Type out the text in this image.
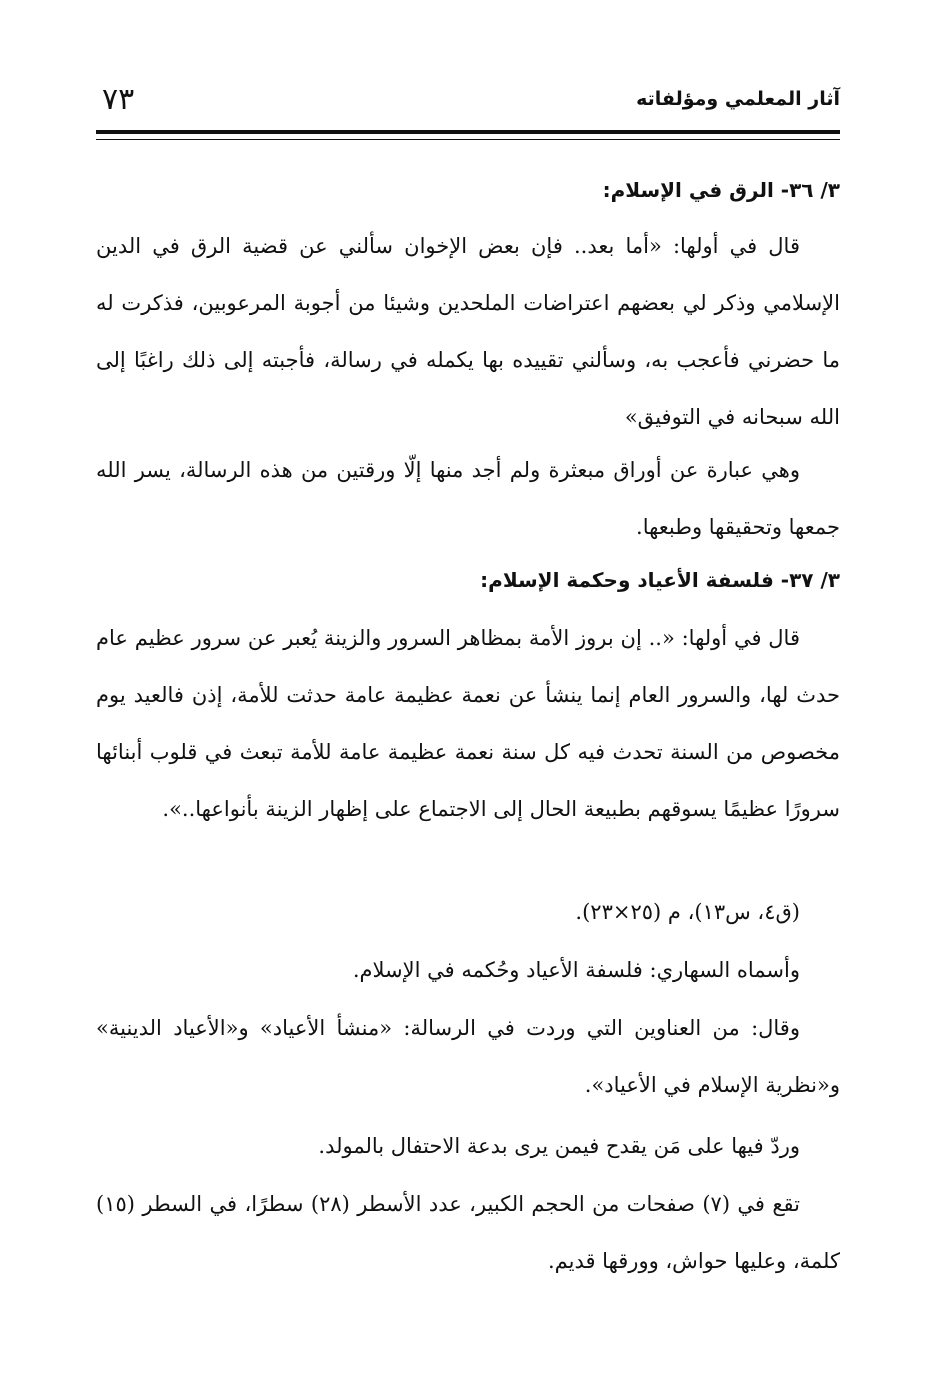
آثار المعلمي ومؤلفاته
٧٣
٣/ ٣٦- الرق في الإسلام:
قال في أولها: «أما بعد.. فإن بعض الإخوان سألني عن قضية الرق في الدين الإسلامي وذكر لي بعضهم اعتراضات الملحدين وشيئا من أجوبة المرعوبين، فذكرت له ما حضرني فأعجب به، وسألني تقييده بها يكمله في رسالة، فأجبته إلى ذلك راغبًا إلى الله سبحانه في التوفيق»
وهي عبارة عن أوراق مبعثرة ولم أجد منها إلّا ورقتين من هذه الرسالة، يسر الله جمعها وتحقيقها وطبعها.
٣/ ٣٧- فلسفة الأعياد وحكمة الإسلام:
قال في أولها: «.. إن بروز الأمة بمظاهر السرور والزينة يُعبر عن سرور عظيم عام حدث لها، والسرور العام إنما ينشأ عن نعمة عظيمة عامة حدثت للأمة، إذن فالعيد يوم مخصوص من السنة تحدث فيه كل سنة نعمة عظيمة عامة للأمة تبعث في قلوب أبنائها سرورًا عظيمًا يسوقهم بطبيعة الحال إلى الاجتماع على إظهار الزينة بأنواعها..».
(ق٤، س١٣)، م (٢٥×٢٣).
وأسماه السهاري: فلسفة الأعياد وحُكمه في الإسلام.
وقال: من العناوين التي وردت في الرسالة: «منشأ الأعياد» و«الأعياد الدينية» و«نظرية الإسلام في الأعياد».
وردّ فيها على مَن يقدح فيمن يرى بدعة الاحتفال بالمولد.
تقع في (٧) صفحات من الحجم الكبير، عدد الأسطر (٢٨) سطرًا، في السطر (١٥) كلمة، وعليها حواش، وورقها قديم.
